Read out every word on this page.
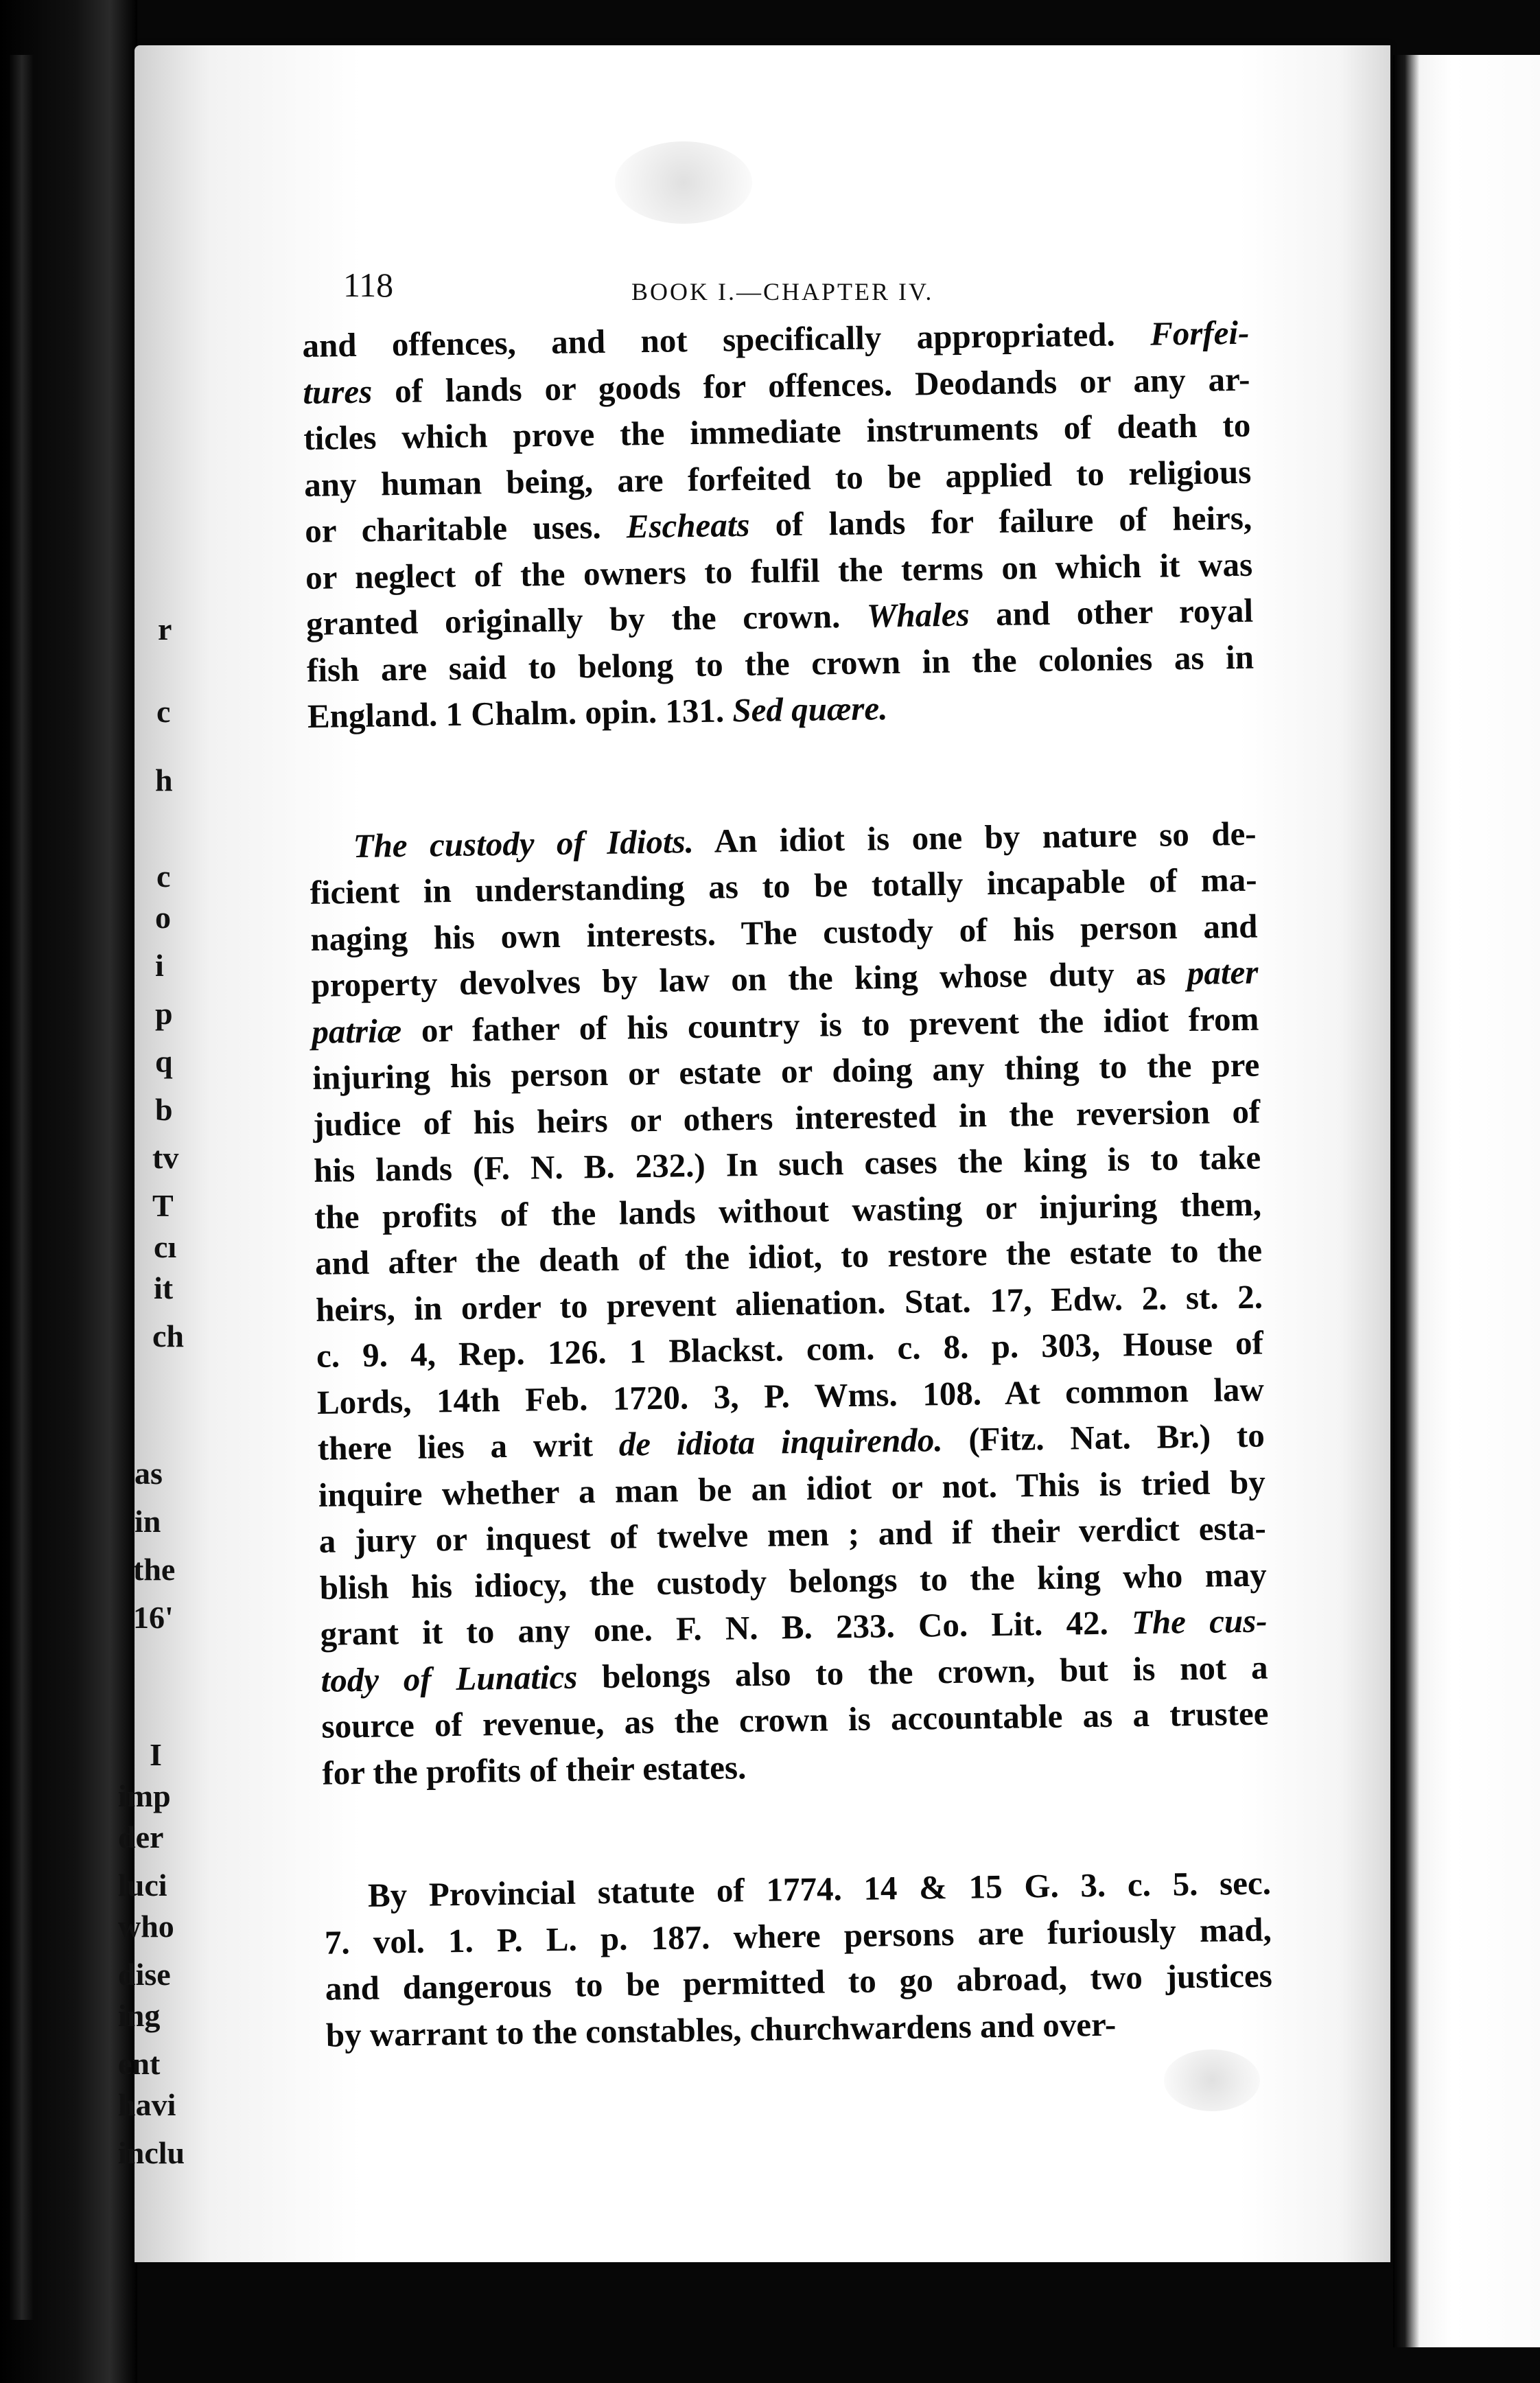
118	BOOK I.—CHAPTER IV.
and offences, and not specifically appropriated. Forfei-
tures of lands or goods for offences. Deodands or any ar-
ticles which prove the immediate instruments of death to
any human being, are forfeited to be applied to religious
or charitable uses. Escheats of lands for failure of heirs,
or neglect of the owners to fulfil the terms on which it was
granted originally by the crown. Whales and other royal
fish are said to belong to the crown in the colonies as in
England. 1 Chalm. opin. 131. Sed quære.
The custody of Idiots. An idiot is one by nature so de-
ficient in understanding as to be totally incapable of ma-
naging his own interests. The custody of his person and
property devolves by law on the king whose duty as pater
patriæ or father of his country is to prevent the idiot from
injuring his person or estate or doing any thing to the pre
judice of his heirs or others interested in the reversion of
his lands (F. N. B. 232.) In such cases the king is to take
the profits of the lands without wasting or injuring them,
and after the death of the idiot, to restore the estate to the
heirs, in order to prevent alienation. Stat. 17, Edw. 2. st. 2.
c. 9. 4, Rep. 126. 1 Blackst. com. c. 8. p. 303, House of
Lords, 14th Feb. 1720. 3, P. Wms. 108. At common law
there lies a writ de idiota inquirendo. (Fitz. Nat. Br.) to
inquire whether a man be an idiot or not. This is tried by
a jury or inquest of twelve men ; and if their verdict esta-
blish his idiocy, the custody belongs to the king who may
grant it to any one. F. N. B. 233. Co. Lit. 42. The cus-
tody of Lunatics belongs also to the crown, but is not a
source of revenue, as the crown is accountable as a trustee
for the profits of their estates.
By Provincial statute of 1774. 14 & 15 G. 3. c. 5. sec.
7. vol. 1. P. L. p. 187. where persons are furiously mad,
and dangerous to be permitted to go abroad, two justices
by warrant to the constables, churchwardens and over-
r
c
h
c
o
i
p
q
b
tv
T
cı
it
ch
as
in
the
16'
I
imp
der
luci
who
dise
ing
ent
havi
inclu
